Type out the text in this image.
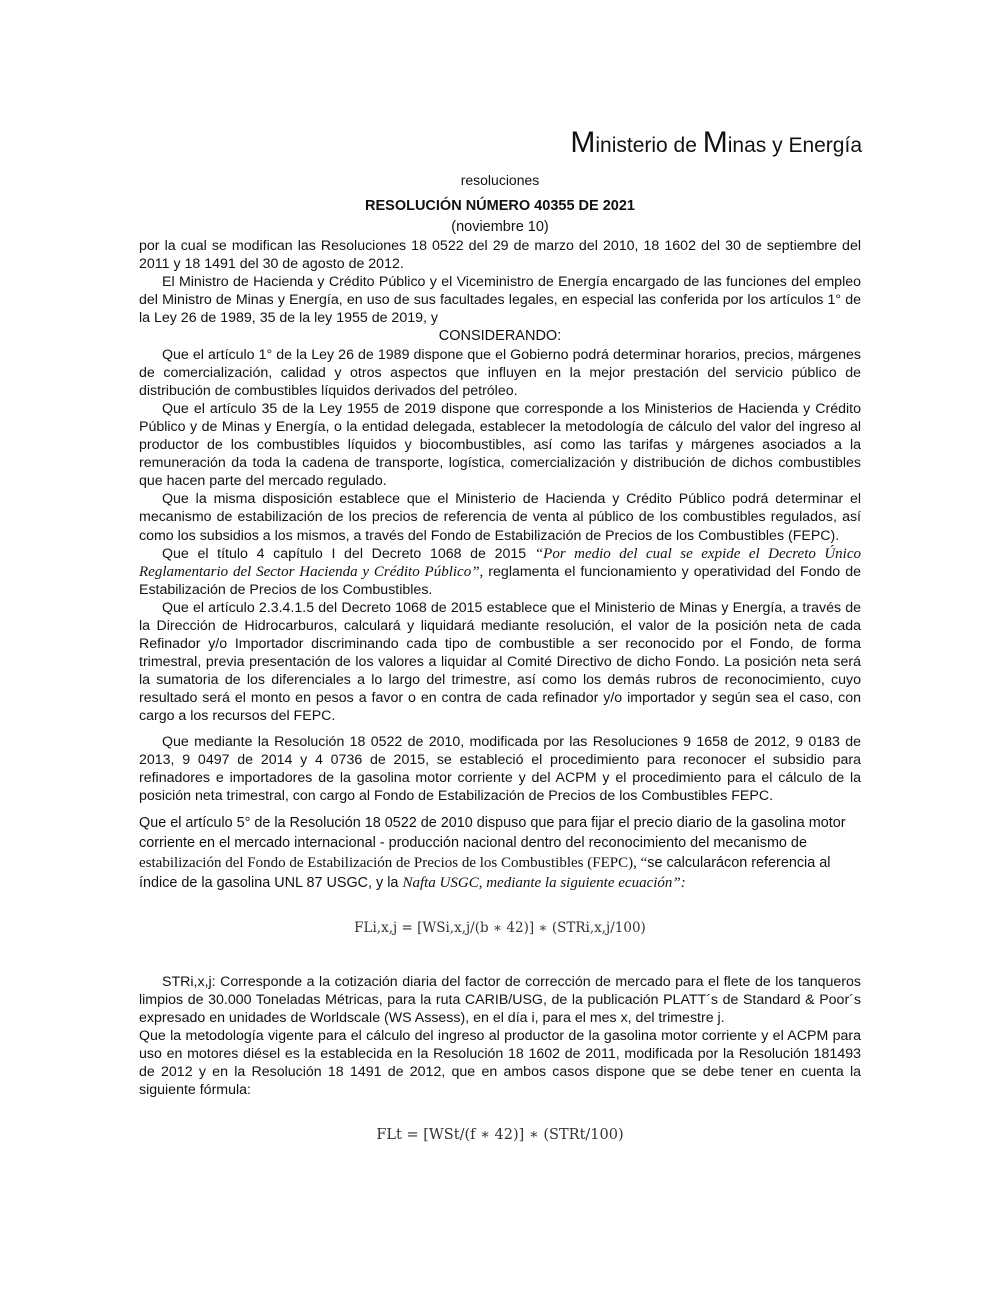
Ministerio de Minas y Energía
resoluciones
RESOLUCIÓN NÚMERO 40355 DE 2021
(noviembre 10)

por la cual se modifican las Resoluciones 18 0522 del 29 de marzo del 2010, 18 1602 del 30 de septiembre del 2011 y 18 1491 del 30 de agosto de 2012.

El Ministro de Hacienda y Crédito Público y el Viceministro de Energía encargado de las funciones del empleo del Ministro de Minas y Energía, en uso de sus facultades legales, en especial las conferida por los artículos 1° de la Ley 26 de 1989, 35 de la ley 1955 de 2019, y

CONSIDERANDO:

Que el artículo 1° de la Ley 26 de 1989 dispone que el Gobierno podrá determinar horarios, precios, márgenes de comercialización, calidad y otros aspectos que influyen en la mejor prestación del servicio público de distribución de combustibles líquidos derivados del petróleo.

Que el artículo 35 de la Ley 1955 de 2019 dispone que corresponde a los Ministerios de Hacienda y Crédito Público y de Minas y Energía, o la entidad delegada, establecer la metodología de cálculo del valor del ingreso al productor de los combustibles líquidos y biocombustibles, así como las tarifas y márgenes asociados a la remuneración da toda la cadena de transporte, logística, comercialización y distribución de dichos combustibles que hacen parte del mercado regulado.

Que la misma disposición establece que el Ministerio de Hacienda y Crédito Público podrá determinar el mecanismo de estabilización de los precios de referencia de venta al público de los combustibles regulados, así como los subsidios a los mismos, a través del Fondo de Estabilización de Precios de los Combustibles (FEPC).

Que el título 4 capítulo I del Decreto 1068 de 2015 “Por medio del cual se expide el Decreto Único Reglamentario del Sector Hacienda y Crédito Público”, reglamenta el funcionamiento y operatividad del Fondo de Estabilización de Precios de los Combustibles.

Que el artículo 2.3.4.1.5 del Decreto 1068 de 2015 establece que el Ministerio de Minas y Energía, a través de la Dirección de Hidrocarburos, calculará y liquidará mediante resolución, el valor de la posición neta de cada Refinador y/o Importador discriminando cada tipo de combustible a ser reconocido por el Fondo, de forma trimestral, previa presentación de los valores a liquidar al Comité Directivo de dicho Fondo. La posición neta será la sumatoria de los diferenciales a lo largo del trimestre, así como los demás rubros de reconocimiento, cuyo resultado será el monto en pesos a favor o en contra de cada refinador y/o importador y según sea el caso, con cargo a los recursos del FEPC.

Que mediante la Resolución 18 0522 de 2010, modificada por las Resoluciones 9 1658 de 2012, 9 0183 de 2013, 9 0497 de 2014 y 4 0736 de 2015, se estableció el procedimiento para reconocer el subsidio para refinadores e importadores de la gasolina motor corriente y del ACPM y el procedimiento para el cálculo de la posición neta trimestral, con cargo al Fondo de Estabilización de Precios de los Combustibles FEPC.

Que el artículo 5° de la Resolución 18 0522 de 2010 dispuso que para fijar el precio diario de la gasolina motor corriente en el mercado internacional - producción nacional dentro del reconocimiento del mecanismo de estabilización del Fondo de Estabilización de Precios de los Combustibles (FEPC), “se calcularácon referencia al índice de la gasolina UNL 87 USGC, y la Nafta USGC, mediante la siguiente ecuación”:

FLi,x,j = [WSi,x,j/(b ∗ 42)] ∗ (STRi,x,j/100)

STRi,x,j: Corresponde a la cotización diaria del factor de corrección de mercado para el flete de los tanqueros limpios de 30.000 Toneladas Métricas, para la ruta CARIB/USG, de la publicación PLATT´s de Standard & Poor´s expresado en unidades de Worldscale (WS Assess), en el día i, para el mes x, del trimestre j.

Que la metodología vigente para el cálculo del ingreso al productor de la gasolina motor corriente y el ACPM para uso en motores diésel es la establecida en la Resolución 18 1602 de 2011, modificada por la Resolución 181493 de 2012 y en la Resolución 18 1491 de 2012, que en ambos casos dispone que se debe tener en cuenta la siguiente fórmula:

FLt = [WSt/(f ∗ 42)] ∗ (STRt/100)
